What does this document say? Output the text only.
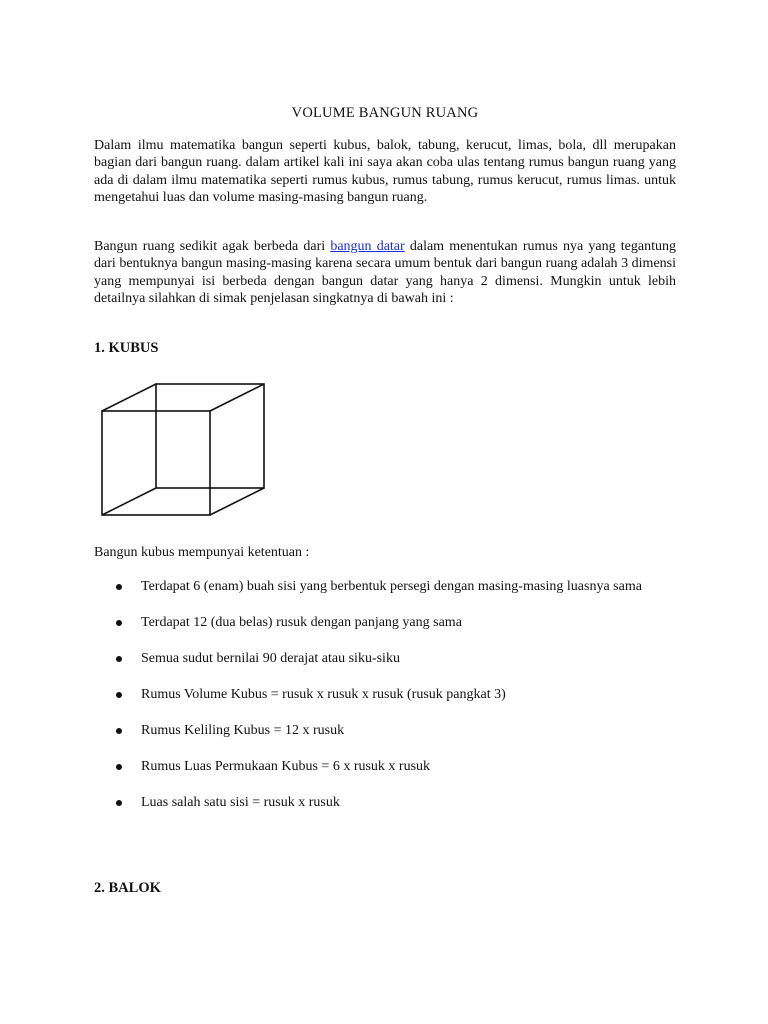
VOLUME BANGUN RUANG

Dalam ilmu matematika bangun seperti kubus, balok, tabung, kerucut, limas, bola, dll merupakan bagian dari bangun ruang. dalam artikel kali ini saya akan coba ulas tentang rumus bangun ruang yang ada di dalam ilmu matematika seperti rumus kubus, rumus tabung, rumus kerucut, rumus limas. untuk mengetahui luas dan volume masing-masing bangun ruang.

Bangun ruang sedikit agak berbeda dari bangun datar dalam menentukan rumus nya yang tegantung dari bentuknya bangun masing-masing karena secara umum bentuk dari bangun ruang adalah 3 dimensi yang mempunyai isi berbeda dengan bangun datar yang hanya 2 dimensi. Mungkin untuk lebih detailnya silahkan di simak penjelasan singkatnya di bawah ini :

1. KUBUS

Bangun kubus mempunyai ketentuan :

Terdapat 6 (enam) buah sisi yang berbentuk persegi dengan masing-masing luasnya sama
Terdapat 12 (dua belas) rusuk dengan panjang yang sama
Semua sudut bernilai 90 derajat atau siku-siku
Rumus Volume Kubus = rusuk x rusuk x rusuk (rusuk pangkat 3)
Rumus Keliling Kubus = 12 x rusuk
Rumus Luas Permukaan Kubus = 6 x rusuk x rusuk
Luas salah satu sisi = rusuk x rusuk
2. BALOK
